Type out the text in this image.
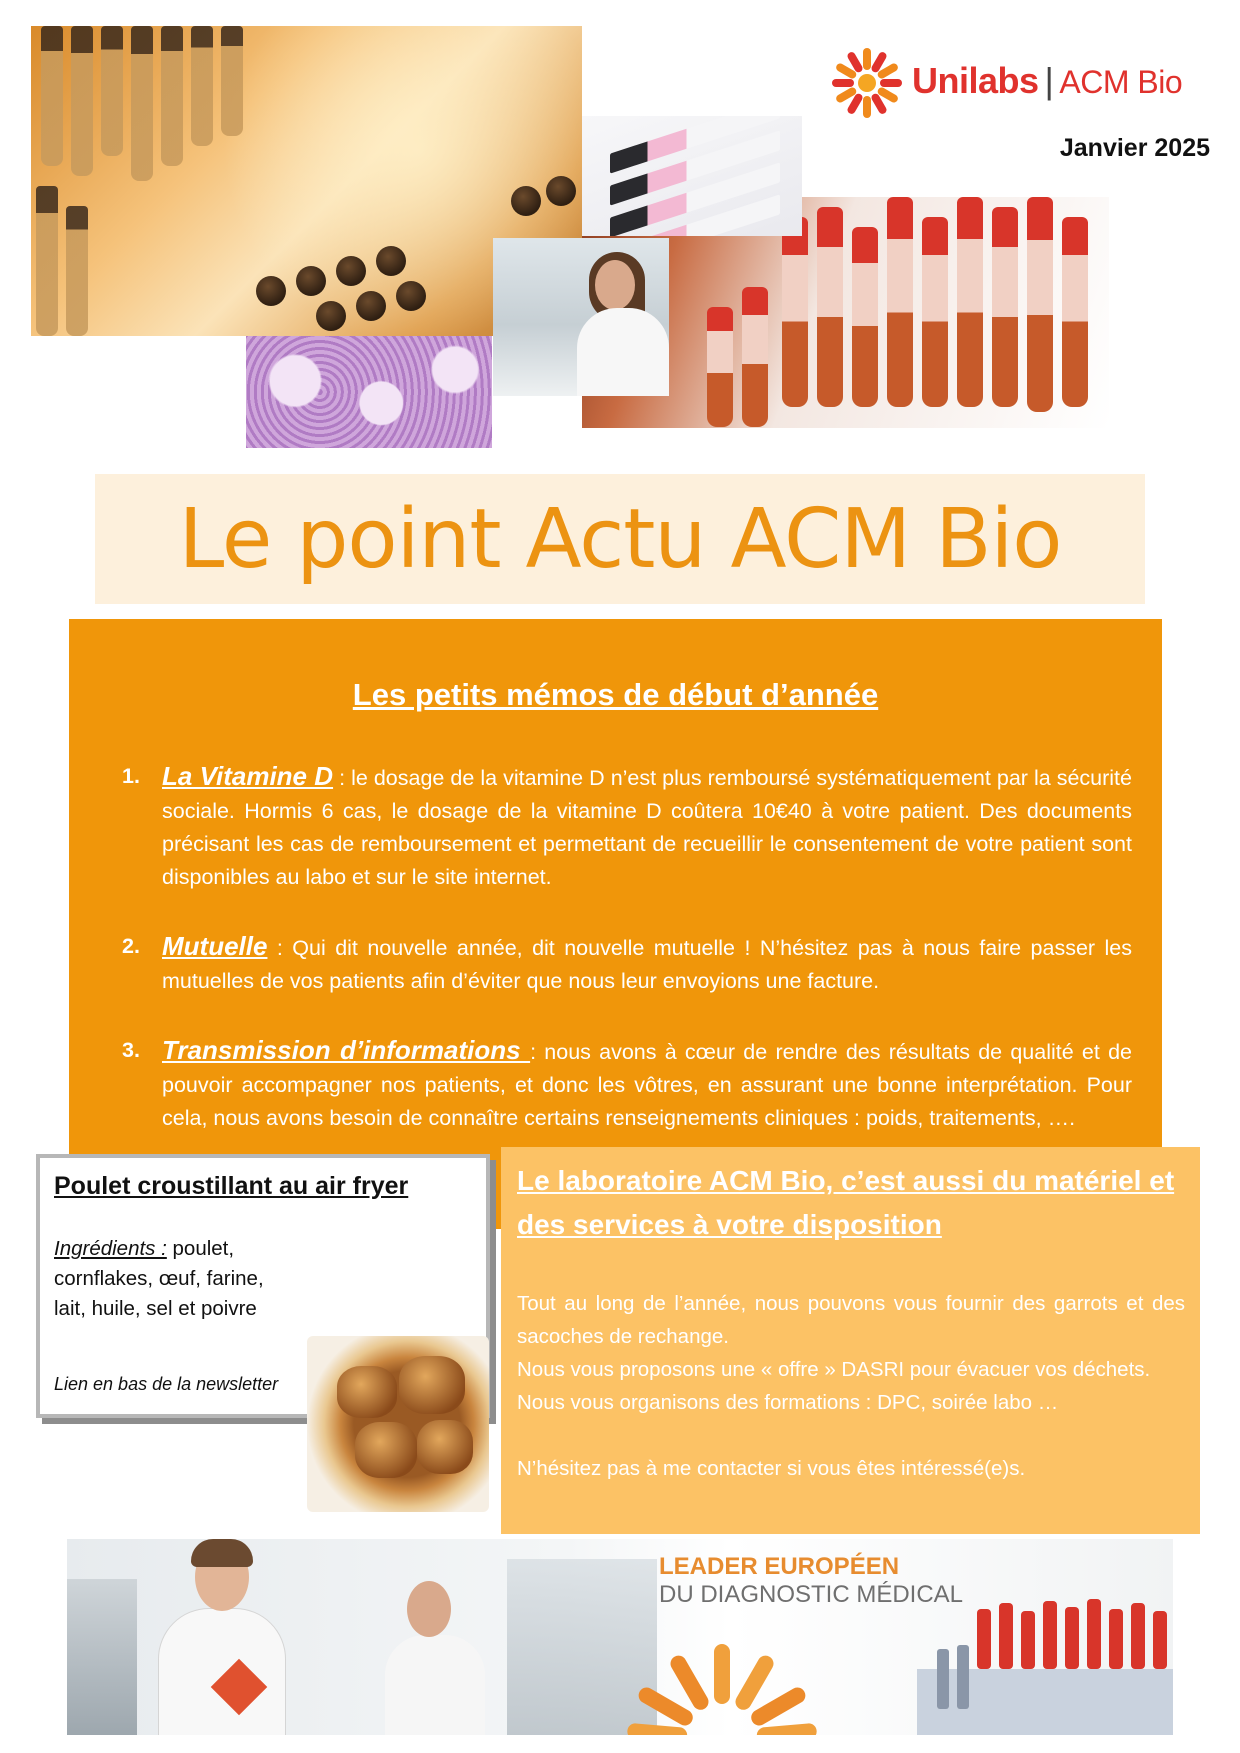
Unilabs | ACM Bio
Janvier 2025
Le point Actu ACM Bio
Les petits mémos de début d’année
1. La Vitamine D : le dosage de la vitamine D n’est plus remboursé systématiquement par la sécurité sociale. Hormis 6 cas, le dosage de la vitamine D coûtera 10€40 à votre patient. Des documents précisant les cas de remboursement et permettant de recueillir le consentement de votre patient sont disponibles au labo et sur le site internet.
2. Mutuelle : Qui dit nouvelle année, dit nouvelle mutuelle ! N’hésitez pas à nous faire passer les mutuelles de vos patients afin d’éviter que nous leur envoyions une facture.
3. Transmission d’informations : nous avons à cœur de rendre des résultats de qualité et de pouvoir accompagner nos patients, et donc les vôtres, en assurant une bonne interprétation. Pour cela, nous avons besoin de connaître certains renseignements cliniques : poids, traitements, ….
Poulet croustillant au air fryer
Ingrédients : poulet, cornflakes, œuf, farine, lait, huile, sel et poivre
Lien en bas de la newsletter
Le laboratoire ACM Bio, c’est aussi du matériel et des services à votre disposition

Tout au long de l’année, nous pouvons vous fournir des garrots et des sacoches de rechange.

Nous vous proposons une « offre » DASRI pour évacuer vos déchets.

Nous vous organisons des formations : DPC, soirée labo …

N’hésitez pas à me contacter si vous êtes intéressé(e)s.

LEADER EUROPÉEN
DU DIAGNOSTIC MÉDICAL
